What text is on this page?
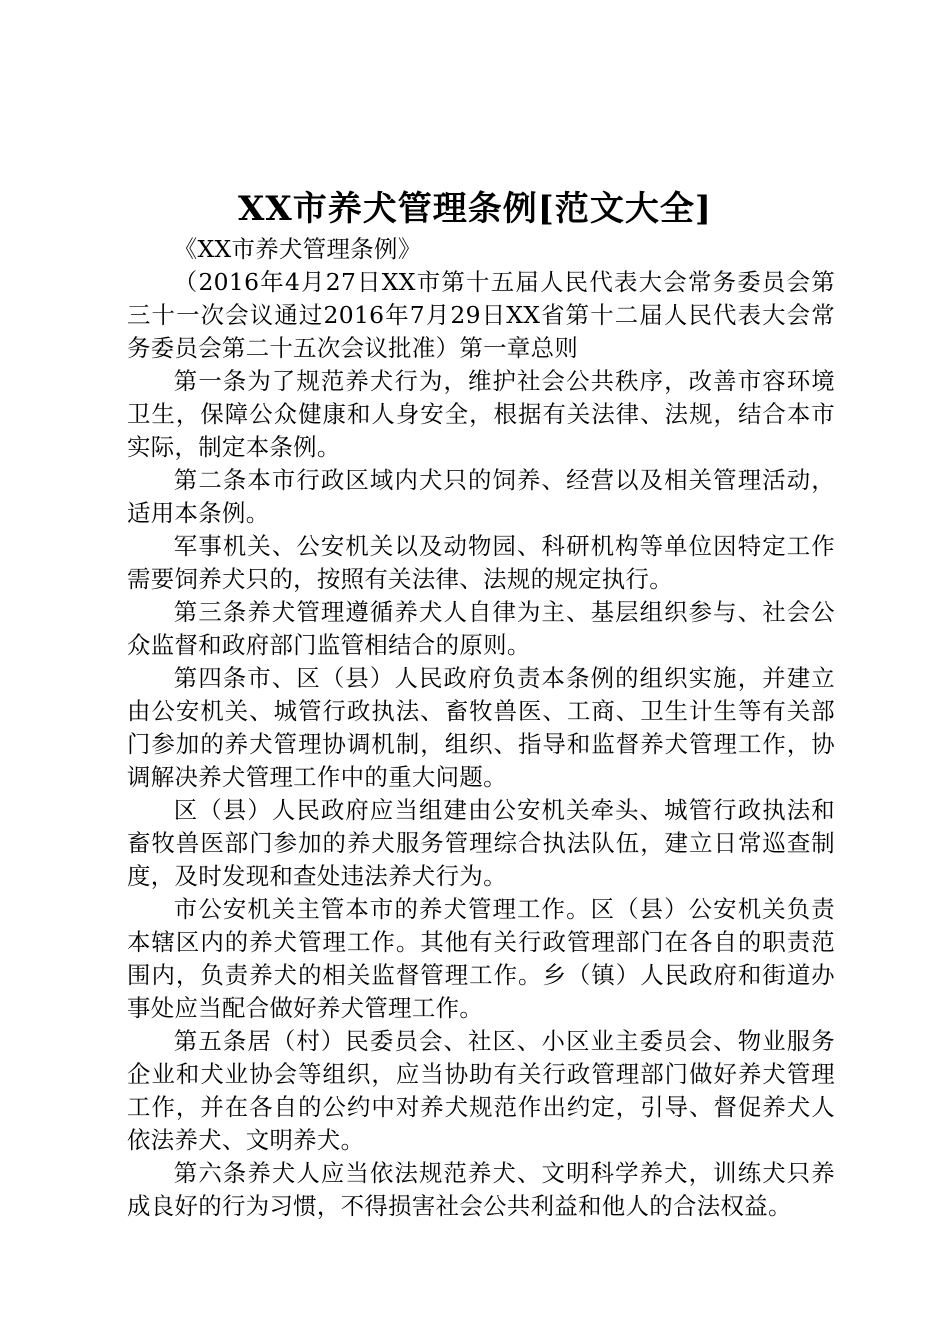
XX市养犬管理条例[范文大全]

《XX市养犬管理条例》

（2016年4月27日XX市第十五届人民代表大会常务委员会第三十一次会议通过2016年7月29日XX省第十二届人民代表大会常务委员会第二十五次会议批准）第一章总则

第一条为了规范养犬行为，维护社会公共秩序，改善市容环境卫生，保障公众健康和人身安全，根据有关法律、法规，结合本市实际，制定本条例。

第二条本市行政区域内犬只的饲养、经营以及相关管理活动，适用本条例。

军事机关、公安机关以及动物园、科研机构等单位因特定工作需要饲养犬只的，按照有关法律、法规的规定执行。

第三条养犬管理遵循养犬人自律为主、基层组织参与、社会公众监督和政府部门监管相结合的原则。

第四条市、区（县）人民政府负责本条例的组织实施，并建立由公安机关、城管行政执法、畜牧兽医、工商、卫生计生等有关部门参加的养犬管理协调机制，组织、指导和监督养犬管理工作，协调解决养犬管理工作中的重大问题。

区（县）人民政府应当组建由公安机关牵头、城管行政执法和畜牧兽医部门参加的养犬服务管理综合执法队伍，建立日常巡查制度，及时发现和查处违法养犬行为。

市公安机关主管本市的养犬管理工作。区（县）公安机关负责本辖区内的养犬管理工作。其他有关行政管理部门在各自的职责范围内，负责养犬的相关监督管理工作。乡（镇）人民政府和街道办事处应当配合做好养犬管理工作。

第五条居（村）民委员会、社区、小区业主委员会、物业服务企业和犬业协会等组织，应当协助有关行政管理部门做好养犬管理工作，并在各自的公约中对养犬规范作出约定，引导、督促养犬人依法养犬、文明养犬。

第六条养犬人应当依法规范养犬、文明科学养犬，训练犬只养成良好的行为习惯，不得损害社会公共利益和他人的合法权益。
